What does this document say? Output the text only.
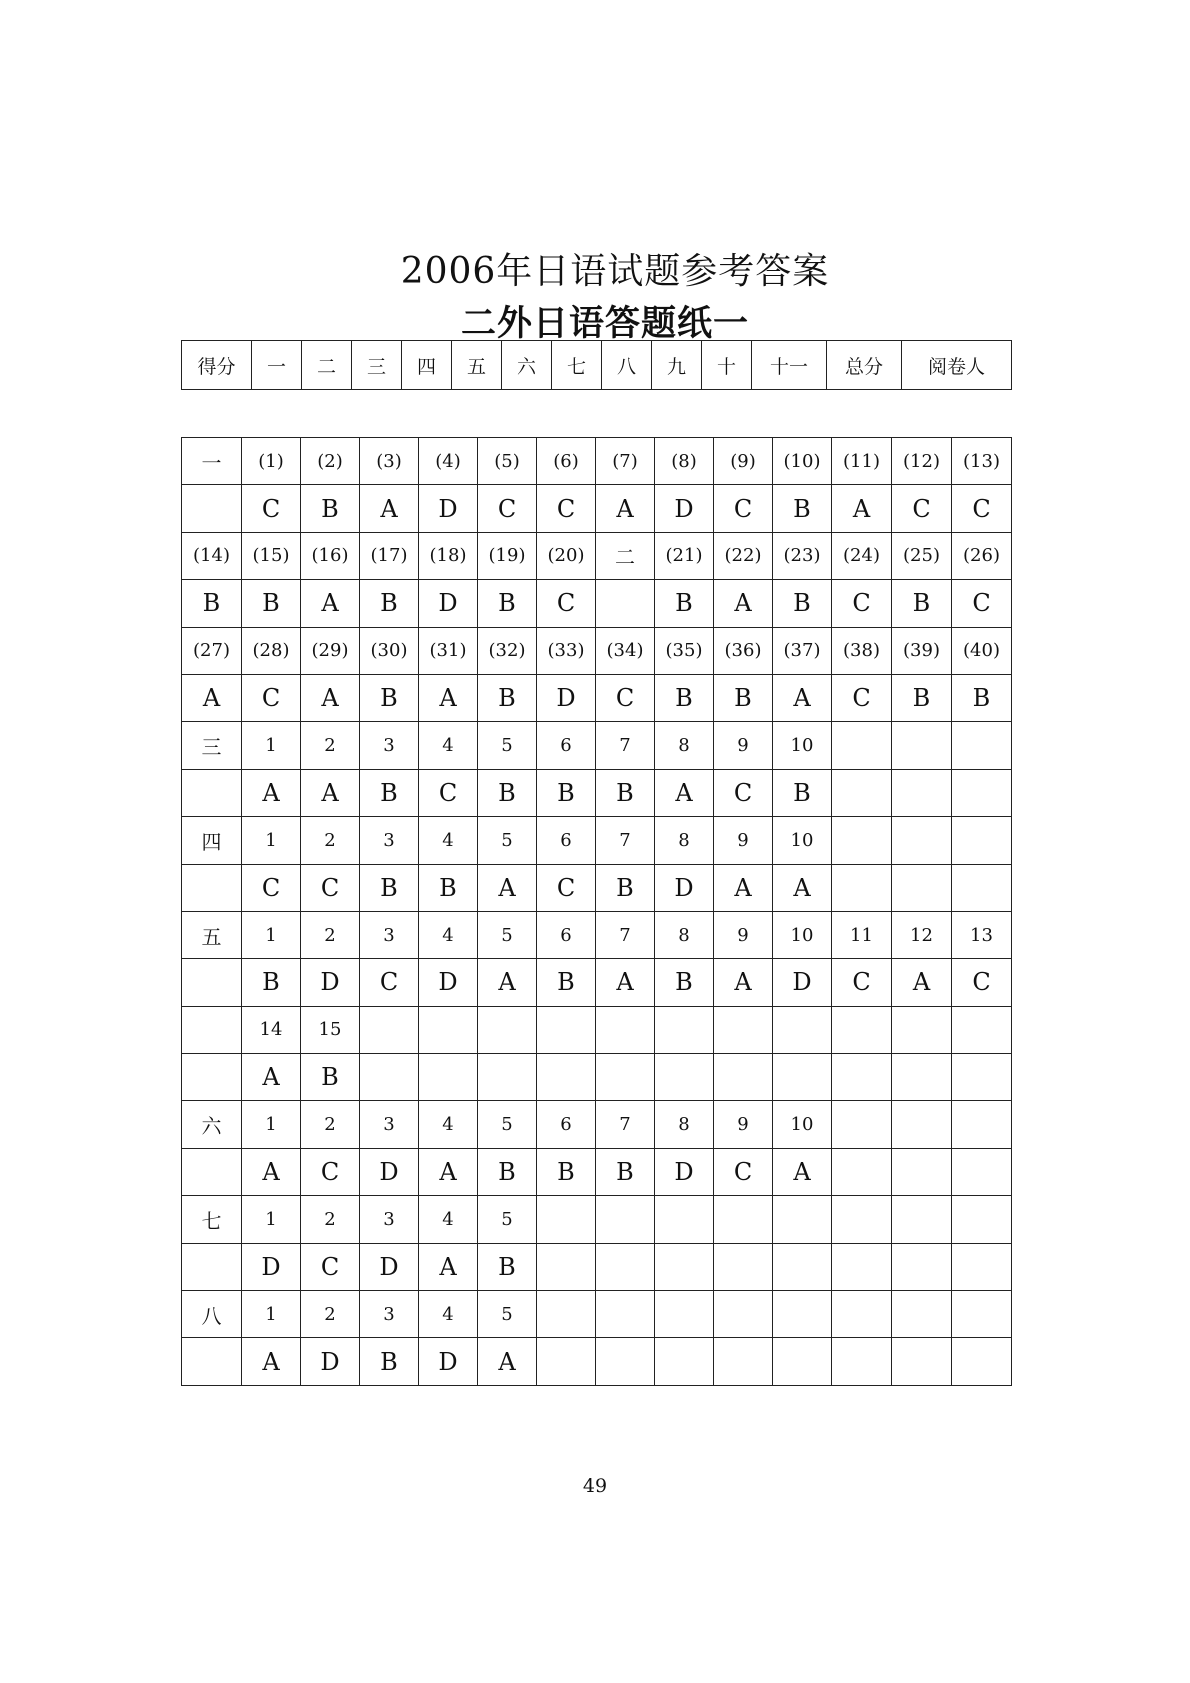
2006年日语试题参考答案
二外日语答题纸一
得分	一	二	三	四	五	六	七	八	九	十	十一	总分	阅卷人
一	(1)	(2)	(3)	(4)	(5)	(6)	(7)	(8)	(9)	(10)	(11)	(12)	(13)
	C	B	A	D	C	C	A	D	C	B	A	C	C
(14)	(15)	(16)	(17)	(18)	(19)	(20)	二	(21)	(22)	(23)	(24)	(25)	(26)
B	B	A	B	D	B	C		B	A	B	C	B	C
(27)	(28)	(29)	(30)	(31)	(32)	(33)	(34)	(35)	(36)	(37)	(38)	(39)	(40)
A	C	A	B	A	B	D	C	B	B	A	C	B	B
三	1	2	3	4	5	6	7	8	9	10			
	A	A	B	C	B	B	B	A	C	B			
四	1	2	3	4	5	6	7	8	9	10			
	C	C	B	B	A	C	B	D	A	A			
五	1	2	3	4	5	6	7	8	9	10	11	12	13
	B	D	C	D	A	B	A	B	A	D	C	A	C
	14	15											
	A	B											
六	1	2	3	4	5	6	7	8	9	10			
	A	C	D	A	B	B	B	D	C	A			
七	1	2	3	4	5								
	D	C	D	A	B								
八	1	2	3	4	5								
	A	D	B	D	A								
49
